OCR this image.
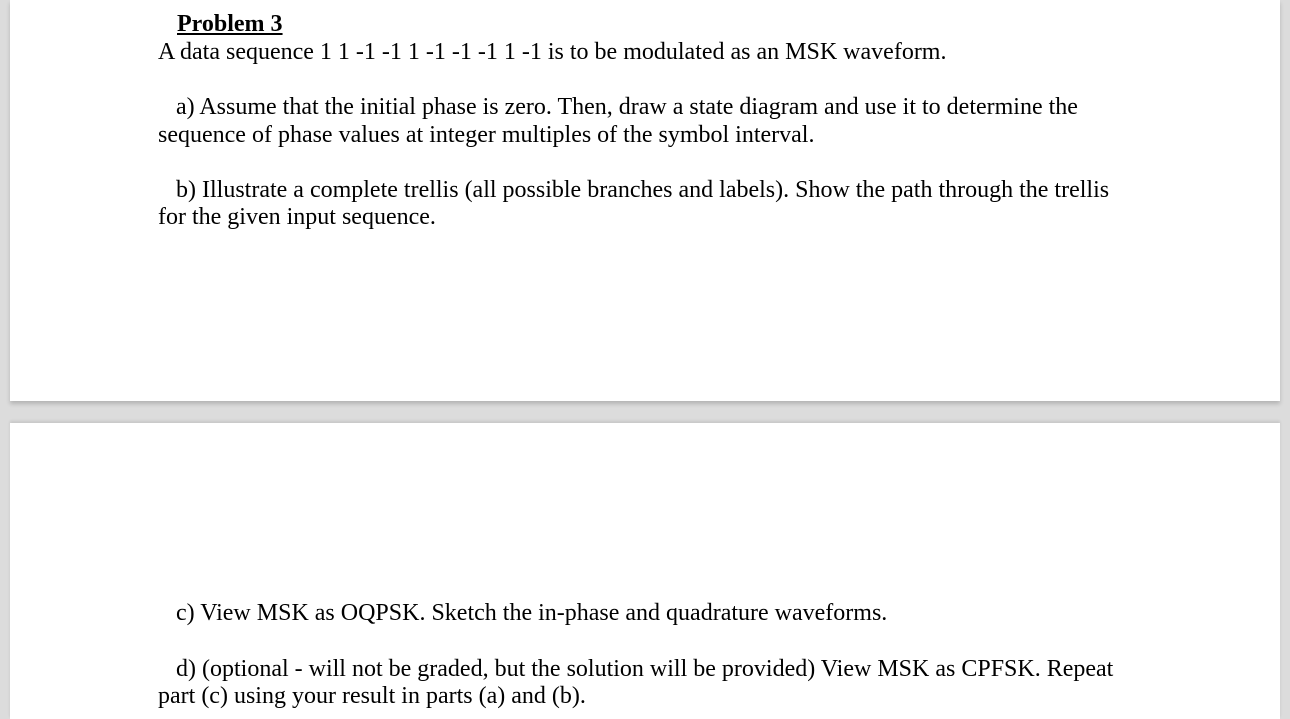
Problem 3
A data sequence 1 1 -1 -1 1 -1 -1 -1 1 -1 is to be modulated as an MSK waveform.
a) Assume that the initial phase is zero. Then, draw a state diagram and use it to determine the
sequence of phase values at integer multiples of the symbol interval.
b) Illustrate a complete trellis (all possible branches and labels). Show the path through the trellis
for the given input sequence.
c) View MSK as OQPSK. Sketch the in-phase and quadrature waveforms.
d) (optional - will not be graded, but the solution will be provided) View MSK as CPFSK. Repeat
part (c) using your result in parts (a) and (b).
